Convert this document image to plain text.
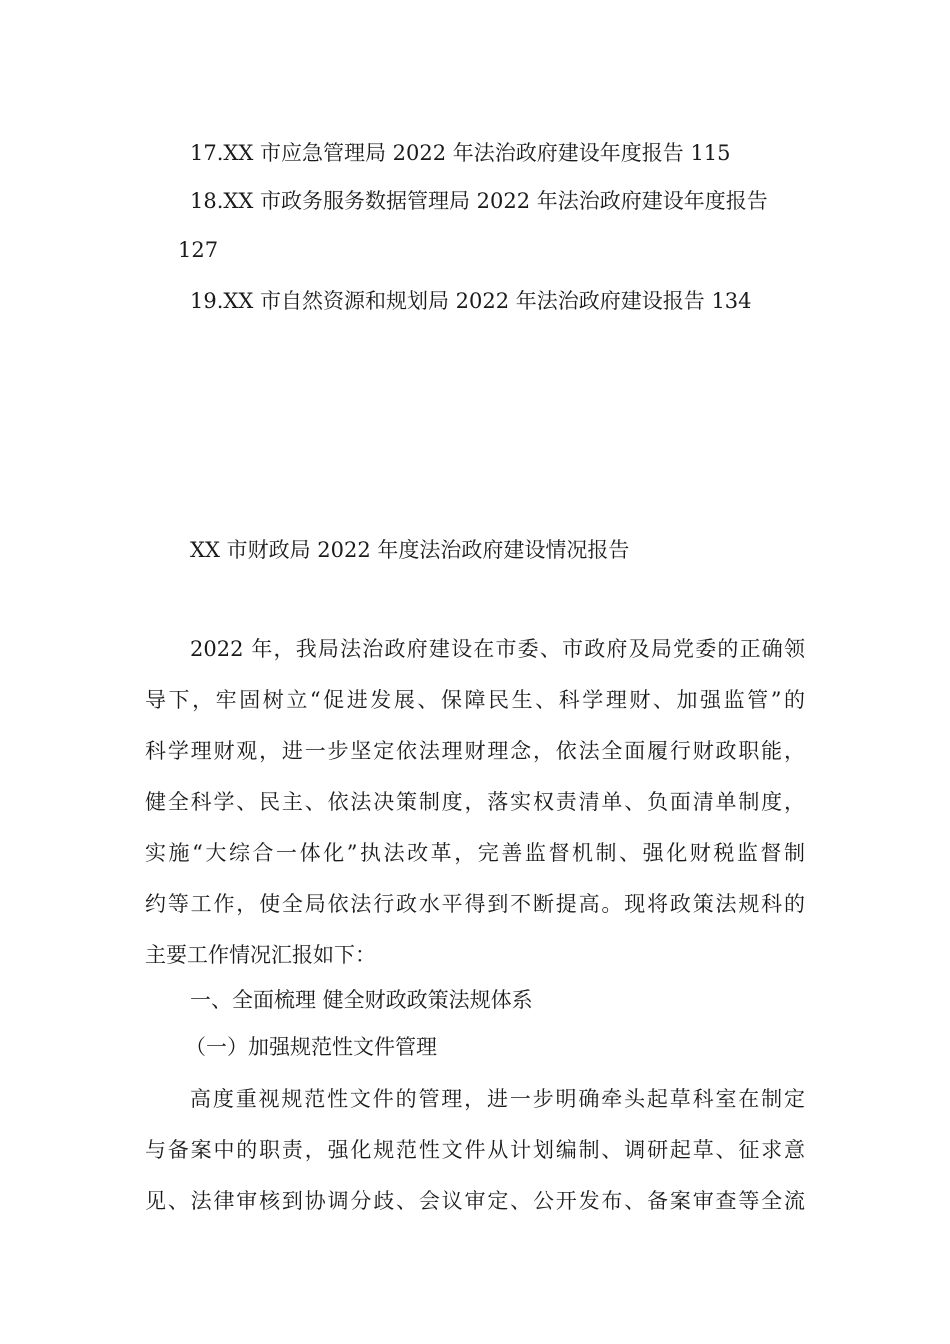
17.XX 市应急管理局 2022 年法治政府建设年度报告 115
18.XX 市政务服务数据管理局 2022 年法治政府建设年度报告
127
19.XX 市自然资源和规划局 2022 年法治政府建设报告 134
XX 市财政局 2022 年度法治政府建设情况报告
2022 年，我局法治政府建设在市委、市政府及局党委的正确领
导下，牢固树立“促进发展、保障民生、科学理财、加强监管”的
科学理财观，进一步坚定依法理财理念，依法全面履行财政职能，
健全科学、民主、依法决策制度，落实权责清单、负面清单制度，
实施“大综合一体化”执法改革，完善监督机制、强化财税监督制
约等工作，使全局依法行政水平得到不断提高。现将政策法规科的
主要工作情况汇报如下：
一、全面梳理 健全财政政策法规体系
（一）加强规范性文件管理
高度重视规范性文件的管理，进一步明确牵头起草科室在制定
与备案中的职责，强化规范性文件从计划编制、调研起草、征求意
见、法律审核到协调分歧、会议审定、公开发布、备案审查等全流
